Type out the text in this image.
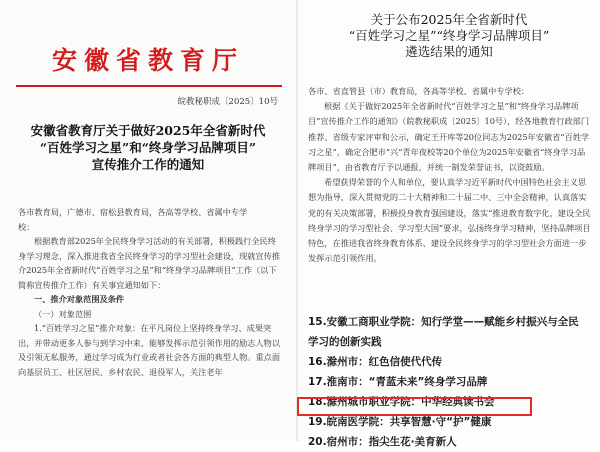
安徽省教育厅
皖教秘职成〔2025〕10号
安徽省教育厅关于做好2025年全省新时代
“百姓学习之星”和“终身学习品牌项目”
宣传推介工作的通知

各市教育局，广德市、宿松县教育局，各高等学校、省属中专学

校：

根据教育部2025年全民终身学习活动的有关部署，积极践行全民终身学习理念，深入推进我省全民终身学习的学习型社会建设，现就宣传推介2025年全省新时代“百姓学习之星”和“终身学习品牌项目”工作（以下简称宣传推介工作）有关事宜通知如下：

一、推介对象范围及条件

（一）对象范围

1.“百姓学习之星”推介对象：在平凡岗位上坚持终身学习、成果突出，并带动更多人参与到学习中来，能够发挥示范引领作用的励志人物以及引领无私服务，通过学习成为行业或者社会各方面的典型人物。重点面向基层员工、社区居民、乡村农民、退役军人，关注老年

关于公布2025年全省新时代
“百姓学习之星”“终身学习品牌项目”
遴选结果的通知

各市、省直管县（市）教育局，各高等学校、省属中专学校：

根据《关于做好2025年全省新时代“百姓学习之星”和“终身学习品牌项目”宣传推介工作的通知》（皖教秘职成〔2025〕10号），经各地教育行政部门推荐、省级专家评审和公示，确定王开库等20位同志为2025年安徽省“百姓学习之星”，确定合肥市“兴”青年夜校等20个单位为2025年安徽省“终身学习品牌项目”，由省教育厅予以通报，并统一制发荣誉证书，以资鼓励。

希望获得荣誉的个人和单位，要认真学习近平新时代中国特色社会主义思想为指导，深入贯彻党的二十大精神和二十届二中、三中全会精神，认真落实党的有关决策部署，积极投身教育强国建设，落实“推进教育数字化，建设全民终身学习的学习型社会、学习型大国”要求，弘扬终身学习精神，坚持品牌项目特色，在推进我省终身教育体系、建设全民终身学习的学习型社会方面进一步发挥示范引领作用。

15.安徽工商职业学院：知行学堂——赋能乡村振兴与全民
学习的创新实践
16.滁州市：红色信使代代传
17.淮南市：“青蓝未来”终身学习品牌
18.滁州城市职业学院：中华经典读书会
19.皖南医学院：共享智慧·守“护”健康
20.宿州市：指尖生花·美育新人
